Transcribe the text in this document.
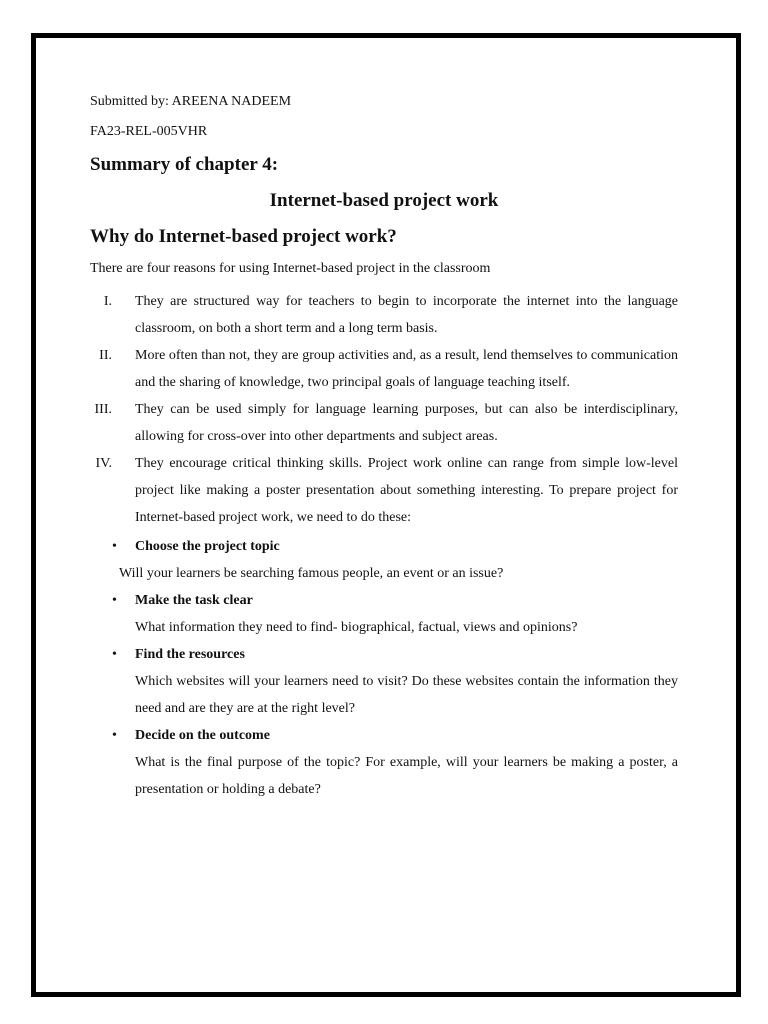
Submitted by: AREENA NADEEM

FA23-REL-005VHR

Summary of chapter 4:
Internet-based project work
Why do Internet-based project work?

There are four reasons for using Internet-based project in the classroom

I. They are structured way for teachers to begin to incorporate the internet into the language classroom, on both a short term and a long term basis.
II. More often than not, they are group activities and, as a result, lend themselves to communication and the sharing of knowledge, two principal goals of language teaching itself.
III. They can be used simply for language learning purposes, but can also be interdisciplinary, allowing for cross-over into other departments and subject areas.
IV. They encourage critical thinking skills. Project work online can range from simple low-level project like making a poster presentation about something interesting. To prepare project for Internet-based project work, we need to do these:
• Choose the project topic
Will your learners be searching famous people, an event or an issue?
• Make the task clear
What information they need to find- biographical, factual, views and opinions?
• Find the resources
Which websites will your learners need to visit? Do these websites contain the information they need and are they are at the right level?
• Decide on the outcome
What is the final purpose of the topic? For example, will your learners be making a poster, a presentation or holding a debate?
